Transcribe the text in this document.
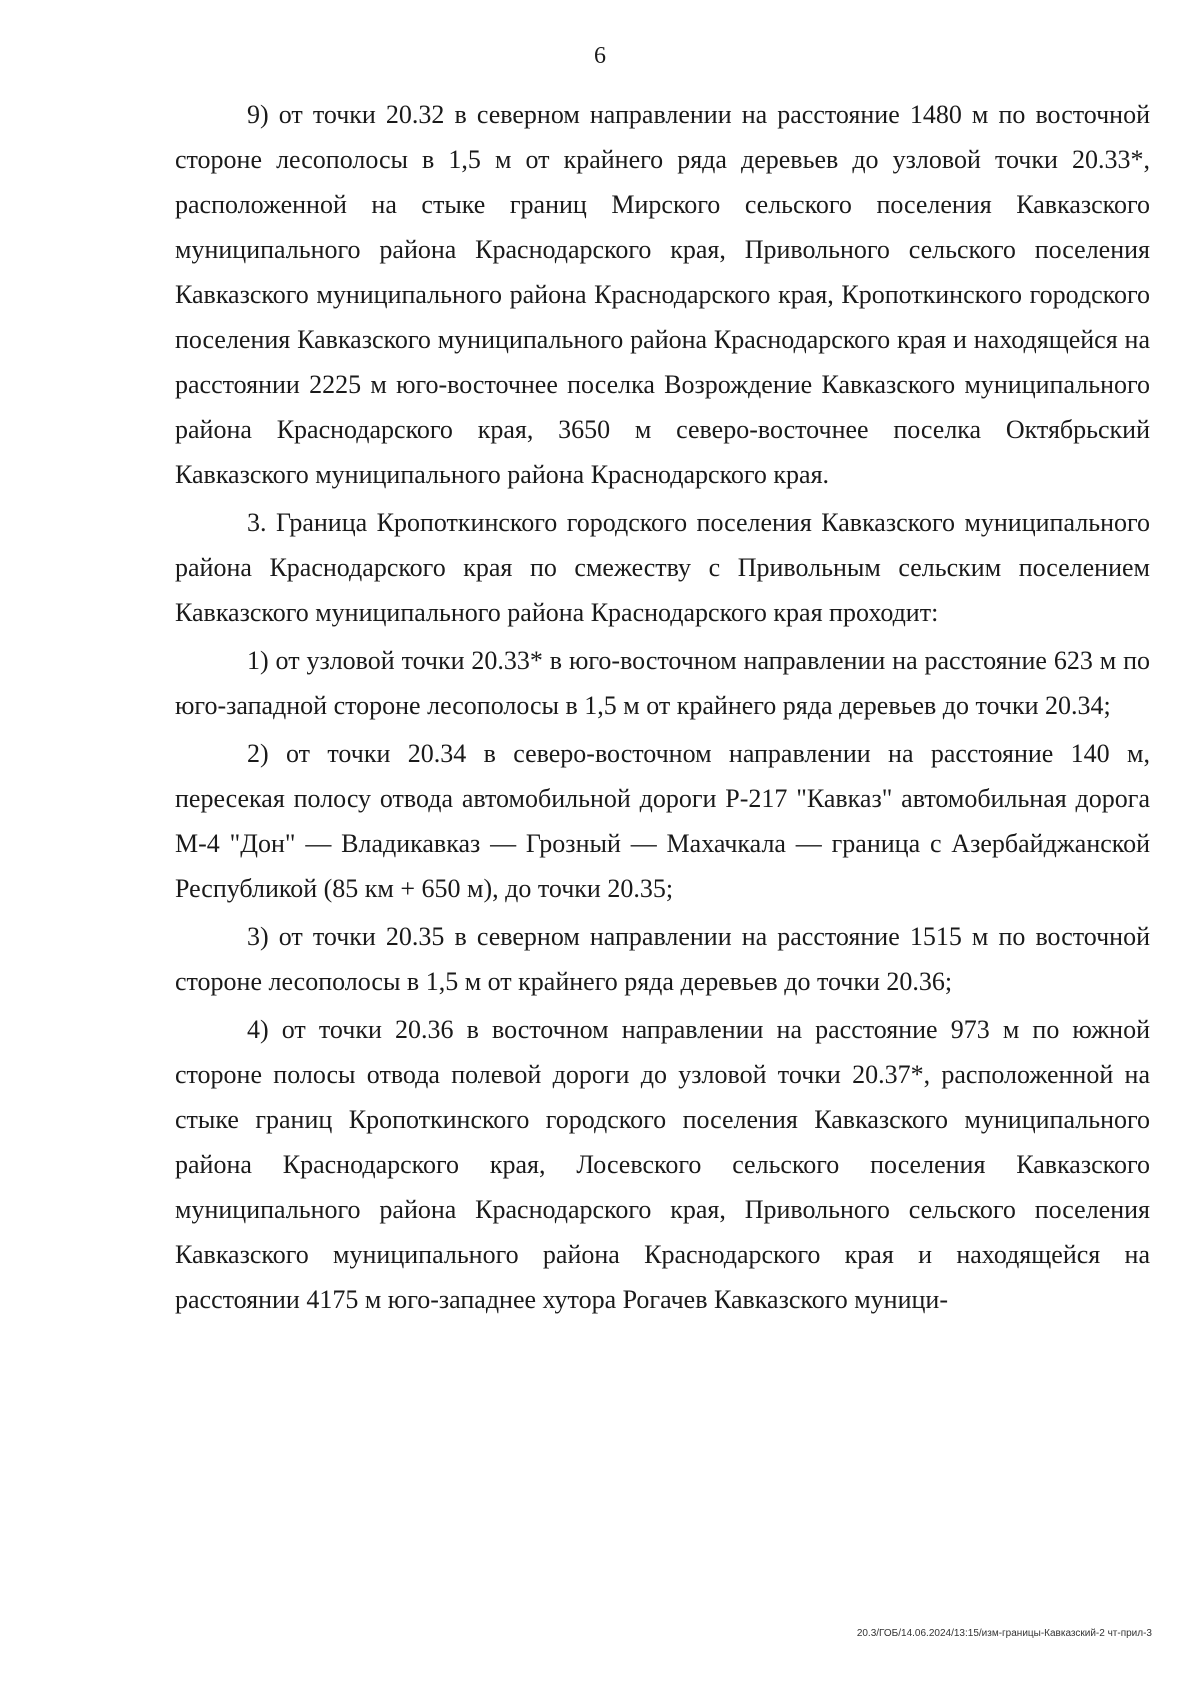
6

9) от точки 20.32 в северном направлении на расстояние 1480 м по восточной стороне лесополосы в 1,5 м от крайнего ряда деревьев до узловой точки 20.33*, расположенной на стыке границ Мирского сельского поселения Кавказского муниципального района Краснодарского края, Привольного сельского поселения Кавказского муниципального района Краснодарского края, Кропоткинского городского поселения Кавказского муниципального района Краснодарского края и находящейся на расстоянии 2225 м юго-восточнее поселка Возрождение Кавказского муниципального района Краснодарского края, 3650 м северо-восточнее поселка Октябрьский Кавказского муниципального района Краснодарского края.

3. Граница Кропоткинского городского поселения Кавказского муниципального района Краснодарского края по смежеству с Привольным сельским поселением Кавказского муниципального района Краснодарского края проходит:

1) от узловой точки 20.33* в юго-восточном направлении на расстояние 623 м по юго-западной стороне лесополосы в 1,5 м от крайнего ряда деревьев до точки 20.34;

2) от точки 20.34 в северо-восточном направлении на расстояние 140 м, пересекая полосу отвода автомобильной дороги Р-217 "Кавказ" автомобильная дорога М-4 "Дон" — Владикавказ — Грозный — Махачкала — граница с Азербайджанской Республикой (85 км + 650 м), до точки 20.35;

3) от точки 20.35 в северном направлении на расстояние 1515 м по восточной стороне лесополосы в 1,5 м от крайнего ряда деревьев до точки 20.36;

4) от точки 20.36 в восточном направлении на расстояние 973 м по южной стороне полосы отвода полевой дороги до узловой точки 20.37*, расположенной на стыке границ Кропоткинского городского поселения Кавказского муниципального района Краснодарского края, Лосевского сельского поселения Кавказского муниципального района Краснодарского края, Привольного сельского поселения Кавказского муниципального района Краснодарского края и находящейся на расстоянии 4175 м юго-западнее хутора Рогачев Кавказского муници-

20.3/ГОБ/14.06.2024/13:15/изм-границы-Кавказский-2 чт-прил-3
